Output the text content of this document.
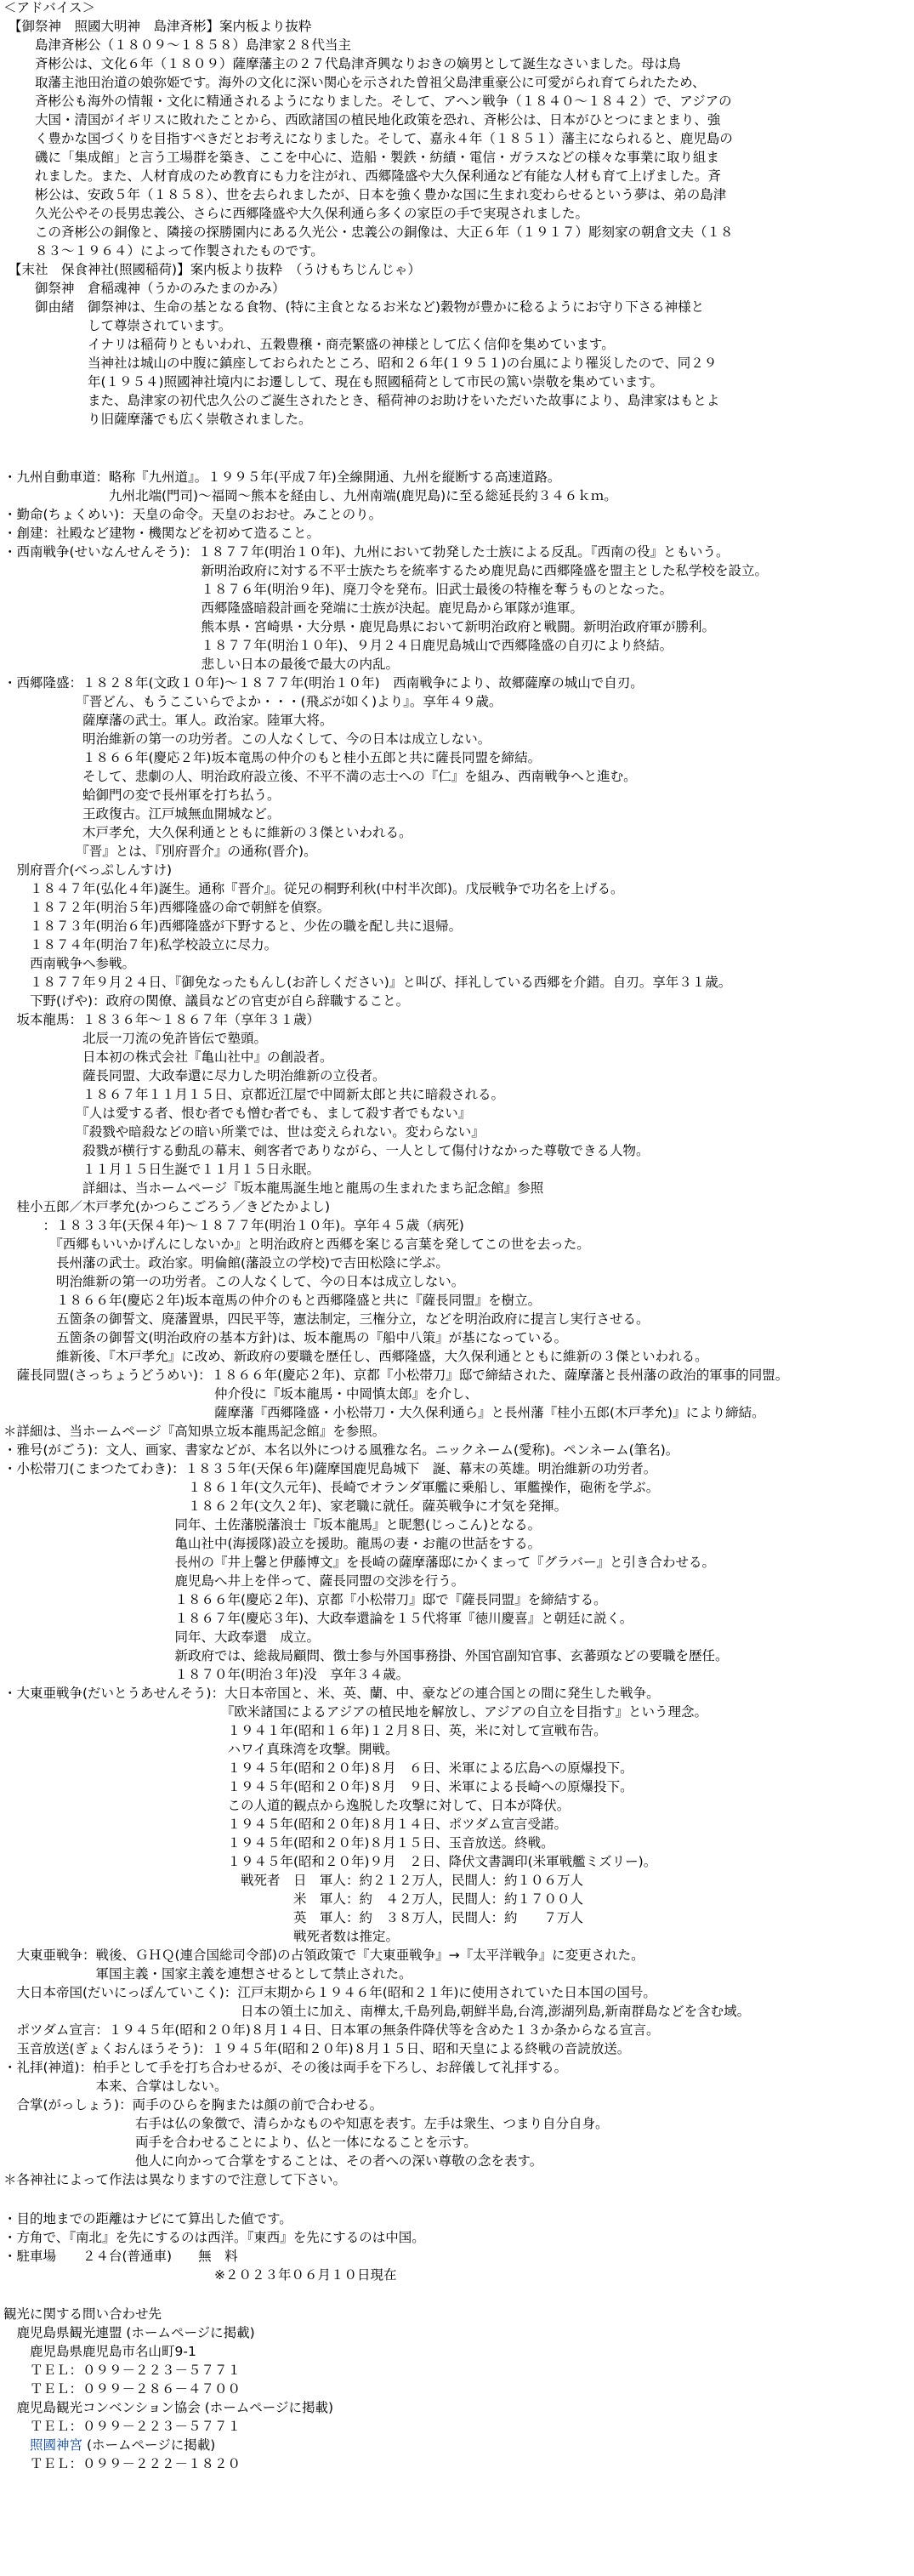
＜アドバイス＞
【御祭神　照國大明神　島津斉彬】案内板より抜粋
　　島津斉彬公（１８０９～１８５８）島津家２８代当主
　　斉彬公は、文化６年（１８０９）薩摩藩主の２７代島津斉興なりおきの嫡男として誕生なさいました。母は鳥
　　取藩主池田治道の娘弥姫です。海外の文化に深い関心を示された曽祖父島津重豪公に可愛がられ育てられたため、
　　斉彬公も海外の情報・文化に精通されるようになりました。そして、アヘン戦争（１８４０～１８４２）で、アジアの
　　大国・清国がイギリスに敗れたことから、西欧諸国の植民地化政策を恐れ、斉彬公は、日本がひとつにまとまり、強
　　く豊かな国づくりを目指すべきだとお考えになりました。そして、嘉永４年（１８５１）藩主になられると、鹿児島の
　　磯に「集成館」と言う工場群を築き、ここを中心に、造船・製鉄・紡績・電信・ガラスなどの様々な事業に取り組ま
　　れました。また、人材育成のため教育にも力を注がれ、西郷隆盛や大久保利通など有能な人材も育て上げました。斉
　　彬公は、安政５年（１８５８）、世を去られましたが、日本を強く豊かな国に生まれ変わらせるという夢は、弟の島津
　　久光公やその長男忠義公、さらに西郷隆盛や大久保利通ら多くの家臣の手で実現されました。
　　この斉彬公の銅像と、隣接の探勝園内にある久光公・忠義公の銅像は、大正６年（１９１７）彫刻家の朝倉文夫（１８
　　８３～１９６４）によって作製されたものです。
【末社　保食神社(照國稲荷)】案内板より抜粋　（うけもちじんじゃ）
　　御祭神　倉稲魂神（うかのみたまのかみ）
　　御由緒　御祭神は、生命の基となる食物、(特に主食となるお米など)穀物が豊かに稔るようにお守り下さる神様と
　　　　　　して尊崇されています。
　　　　　　イナリは稲荷りともいわれ、五穀豊穣・商売繁盛の神様として広く信仰を集めています。
　　　　　　当神社は城山の中腹に鎮座しておられたところ、昭和２６年(１９５１)の台風により罹災したので、同２９
　　　　　　年(１９５４)照國神社境内にお遷しして、現在も照國稲荷として市民の篤い崇敬を集めています。
　　　　　　また、島津家の初代忠久公のご誕生されたとき、稲荷神のお助けをいただいた故事により、島津家はもとよ
　　　　　　り旧薩摩藩でも広く崇敬されました。
・九州自動車道：略称『九州道』。１９９５年(平成７年)全線開通、九州を縦断する高速道路。
　　　　　　　　九州北端(門司)～福岡～熊本を経由し、九州南端(鹿児島)に至る総延長約３４６ｋｍ。
・勤命(ちょくめい)：天皇の命令。天皇のおおせ。みことのり。
・創建：社殿など建物・機関などを初めて造ること。
・西南戦争(せいなんせんそう)：１８７７年(明治１０年)、九州において勃発した士族による反乱。『西南の役』ともいう。
　　　　　　　　　　　　　　　新明治政府に対する不平士族たちを統率するため鹿児島に西郷隆盛を盟主とした私学校を設立。
　　　　　　　　　　　　　　　１８７６年(明治９年)、廃刀令を発布。旧武士最後の特権を奪うものとなった。
　　　　　　　　　　　　　　　西郷隆盛暗殺計画を発端に士族が決起。鹿児島から軍隊が進軍。
　　　　　　　　　　　　　　　熊本県・宮崎県・大分県・鹿児島県において新明治政府と戦闘。新明治政府軍が勝利。
　　　　　　　　　　　　　　　１８７７年(明治１０年)、９月２４日鹿児島城山で西郷隆盛の自刃により終結。
　　　　　　　　　　　　　　　悲しい日本の最後で最大の内乱。
・西郷隆盛：１８２８年(文政１０年)～１８７７年(明治１０年)　西南戦争により、故郷薩摩の城山で自刃。
　　　　　　『晋どん、もうここいらでよか・・・(飛ぶが如く)より』。享年４９歳。
　　　　　　薩摩藩の武士。軍人。政治家。陸軍大将。
　　　　　　明治維新の第一の功労者。この人なくして、今の日本は成立しない。
　　　　　　１８６６年(慶応２年)坂本竜馬の仲介のもと桂小五郎と共に薩長同盟を締結。
　　　　　　そして、悲劇の人、明治政府設立後、不平不満の志士への『仁』を組み、西南戦争へと進む。
　　　　　　蛤御門の変で長州軍を打ち払う。
　　　　　　王政復古。江戸城無血開城など。
　　　　　　木戸孝允，大久保利通とともに維新の３傑といわれる。
　　　　　　『晋』とは、『別府晋介』の通称(晋介)。
　別府晋介(べっぷしんすけ)
　　１８４７年(弘化４年)誕生。通称『晋介』。従兄の桐野利秋(中村半次郎)。戊辰戦争で功名を上げる。
　　１８７２年(明治５年)西郷隆盛の命で朝鮮を偵察。
　　１８７３年(明治６年)西郷隆盛が下野すると、少佐の職を配し共に退帰。
　　１８７４年(明治７年)私学校設立に尽力。
　　西南戦争へ参戦。
　　１８７７年９月２４日、『御免なったもんし(お許しください)』と叫び、拝礼している西郷を介錯。自刃。享年３１歳。
　　下野(げや)：政府の関僚、議員などの官吏が自ら辞職すること。
　坂本龍馬：１８３６年～１８６７年（享年３１歳）
　　　　　　北辰一刀流の免許皆伝で塾頭。
　　　　　　日本初の株式会社『亀山社中』の創設者。
　　　　　　薩長同盟、大政奉還に尽力した明治維新の立役者。
　　　　　　１８６７年１１月１５日、京都近江屋で中岡新太郎と共に暗殺される。
　　　　　　『人は愛する者、恨む者でも憎む者でも、まして殺す者でもない』
　　　　　　『殺戮や暗殺などの暗い所業では、世は変えられない。変わらない』
　　　　　　殺戮が横行する動乱の幕末、剣客者でありながら、一人として傷付けなかった尊敬できる人物。
　　　　　　１１月１５日生誕で１１月１５日永眠。
　　　　　　詳細は、当ホームページ『坂本龍馬誕生地と龍馬の生まれたまち記念館』参照
　桂小五郎／木戸孝允(かつらこごろう／きどたかよし)
　　　：１８３３年(天保４年)～１８７７年(明治１０年)。享年４５歳（病死)
　　　　『西郷もいいかげんにしないか』と明治政府と西郷を案じる言葉を発してこの世を去った。
　　　　長州藩の武士。政治家。明倫館(藩設立の学校)で吉田松陰に学ぶ。
　　　　明治維新の第一の功労者。この人なくして、今の日本は成立しない。
　　　　１８６６年(慶応２年)坂本竜馬の仲介のもと西郷隆盛と共に『薩長同盟』を樹立。
　　　　五箇条の御誓文、廃藩置県，四民平等，憲法制定，三権分立，などを明治政府に提言し実行させる。
　　　　五箇条の御誓文(明治政府の基本方針)は、坂本龍馬の『船中八策』が基になっている。
　　　　維新後、『木戸孝允』に改め、新政府の要職を歴任し、西郷隆盛，大久保利通とともに維新の３傑といわれる。
　薩長同盟(さっちょうどうめい)：１８６６年(慶応２年)、京都『小松帯刀』邸で締結された、薩摩藩と長州藩の政治的軍事的同盟。
　　　　　　　　　　　　　　　　仲介役に『坂本龍馬・中岡慎太郎』を介し、
　　　　　　　　　　　　　　　　薩摩藩『西郷隆盛・小松帯刀・大久保利通ら』と長州藩『桂小五郎(木戸孝允)』により締結。
＊詳細は、当ホームページ『高知県立坂本龍馬記念館』を参照。
・雅号(がごう)：文人、画家、書家などが、本名以外につける風雅な名。ニックネーム(愛称)。ペンネーム(筆名)。
・小松帯刀(こまつたてわき)：１８３５年(天保６年)薩摩国鹿児島城下　誕、幕末の英雄。明治維新の功労者。
　　　　　　　　　　　　　　１８６１年(文久元年)、長崎でオランダ軍艦に乗船し、軍艦操作，砲術を学ぶ。
　　　　　　　　　　　　　　１８６２年(文久２年)、家老職に就任。薩英戦争に才気を発揮。
　　　　　　　　　　　　　同年、土佐藩脱藩浪士『坂本龍馬』と昵懇(じっこん)となる。
　　　　　　　　　　　　　亀山社中(海援隊)設立を援助。龍馬の妻・お龍の世話をする。
　　　　　　　　　　　　　長州の『井上馨と伊藤博文』を長崎の薩摩藩邸にかくまって『グラバー』と引き合わせる。
　　　　　　　　　　　　　鹿児島へ井上を伴って、薩長同盟の交渉を行う。
　　　　　　　　　　　　　１８６６年(慶応２年)、京都『小松帯刀』邸で『薩長同盟』を締結する。
　　　　　　　　　　　　　１８６７年(慶応３年)、大政奉還論を１５代将軍『徳川慶喜』と朝廷に説く。
　　　　　　　　　　　　　同年、大政奉還　成立。
　　　　　　　　　　　　　新政府では、総裁局顧問、徴士参与外国事務掛、外国官副知官事、玄蕃頭などの要職を歴任。
　　　　　　　　　　　　　１８７０年(明治３年)没　享年３４歳。
・大東亜戦争(だいとうあせんそう)：大日本帝国と、米、英、蘭、中、豪などの連合国との間に発生した戦争。
　　　　　　　　　　　　　　　　　『欧米諸国によるアジアの植民地を解放し、アジアの自立を目指す』という理念。
　　　　　　　　　　　　　　　　　１９４１年(昭和１６年)１２月８日、英，米に対して宣戦布告。
　　　　　　　　　　　　　　　　　ハワイ真珠湾を攻撃。開戦。
　　　　　　　　　　　　　　　　　１９４５年(昭和２０年)８月　６日、米軍による広島への原爆投下。
　　　　　　　　　　　　　　　　　１９４５年(昭和２０年)８月　９日、米軍による長崎への原爆投下。
　　　　　　　　　　　　　　　　　この人道的観点から逸脱した攻撃に対して、日本が降伏。
　　　　　　　　　　　　　　　　　１９４５年(昭和２０年)８月１４日、ポツダム宣言受諾。
　　　　　　　　　　　　　　　　　１９４５年(昭和２０年)８月１５日、玉音放送。終戦。
　　　　　　　　　　　　　　　　　１９４５年(昭和２０年)９月　２日、降伏文書調印(米軍戦艦ミズリー)。
　　　　　　　　　　　　　　　　　　戦死者　日　軍人：約２１２万人，民間人：約１０６万人
　　　　　　　　　　　　　　　　　　　　　　米　軍人：約　４２万人，民間人：約１７００人
　　　　　　　　　　　　　　　　　　　　　　英　軍人：約　３８万人，民間人：約　　７万人
　　　　　　　　　　　　　　　　　　　　　　戦死者数は推定。
　大東亜戦争：戦後、ＧＨＱ(連合国総司令部)の占領政策で『大東亜戦争』→『太平洋戦争』に変更された。
　　　　　　　軍国主義・国家主義を連想させるとして禁止された。
　大日本帝国(だいにっぽんていこく)：江戸末期から１９４６年(昭和２１年)に使用されていた日本国の国号。
　　　　　　　　　　　　　　　　　　日本の領土に加え、南樺太,千島列島,朝鮮半島,台湾,澎湖列島,新南群島などを含む域。
　ポツダム宣言：１９４５年(昭和２０年)８月１４日、日本軍の無条件降伏等を含めた１３か条からなる宣言。
　玉音放送(ぎょくおんほうそう)：１９４５年(昭和２０年)８月１５日、昭和天皇による終戦の音読放送。
・礼拝(神道)：柏手として手を打ち合わせるが、その後は両手を下ろし、お辞儀して礼拝する。
　　　　　　　本来、合掌はしない。
　合掌(がっしょう)：両手のひらを胸または顔の前で合わせる。
　　　　　　　　　　右手は仏の象徴で、清らかなものや知恵を表す。左手は衆生、つまり自分自身。
　　　　　　　　　　両手を合わせることにより、仏と一体になることを示す。
　　　　　　　　　　他人に向かって合掌をすることは、その者への深い尊敬の念を表す。
＊各神社によって作法は異なりますので注意して下さい。
・目的地までの距離はナビにて算出した値です。
・方角で、『南北』を先にするのは西洋。『東西』を先にするのは中国。
・駐車場　　２４台(普通車)　　無　料
　　　　　　　　　　　　　　　　※２０２３年０６月１０日現在
観光に関する問い合わせ先
　鹿児島県観光連盟 (ホームページに掲載)
　　鹿児島県鹿児島市名山町9-1
　　ＴＥＬ：０９９－２２３－５７７１
　　ＴＥＬ：０９９－２８６－４７００
　鹿児島観光コンベンション協会 (ホームページに掲載)
　　ＴＥＬ：０９９－２２３－５７７１
　　ＴＥＬ：０９９－２２２－１８２０
　　照國神宮 (ホームページに掲載)
